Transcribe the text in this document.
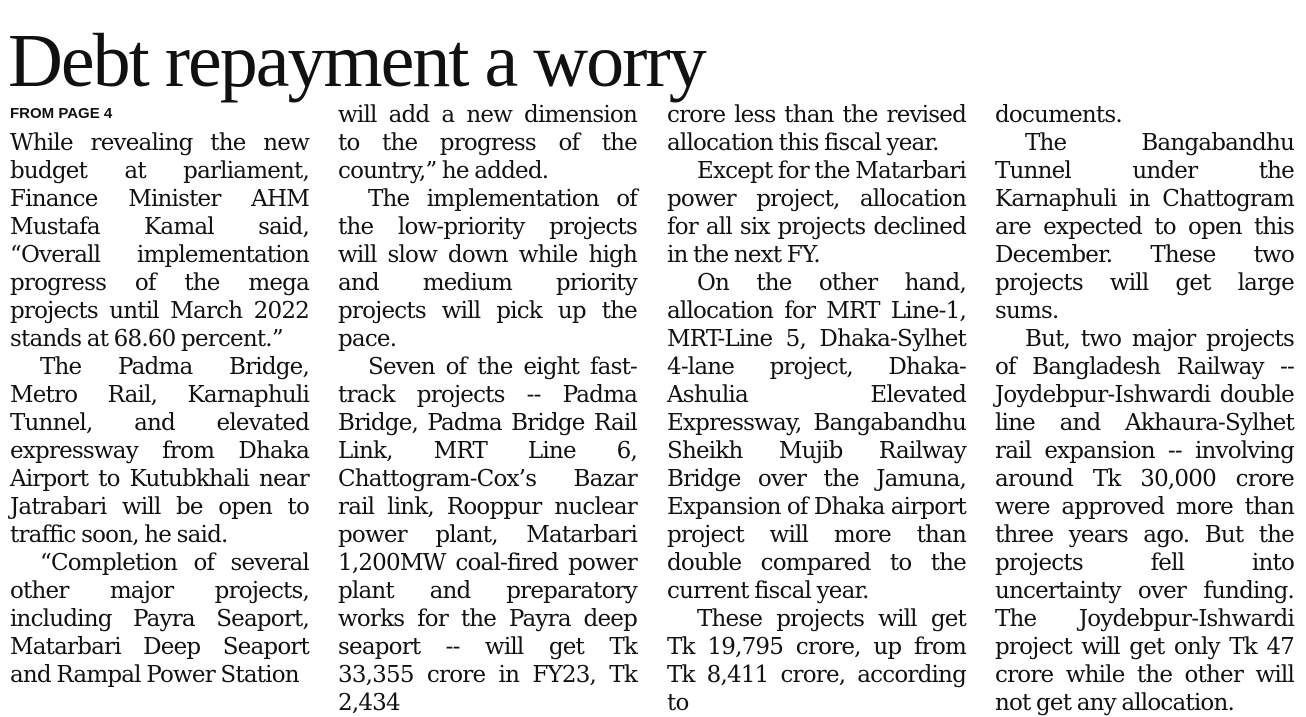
Debt repayment a worry
FROM PAGE 4

While revealing the new budget at parliament, Finance Minister AHM Mustafa Kamal said, “Overall implementation progress of the mega projects until March 2022 stands at 68.60 percent.”

The Padma Bridge, Metro Rail, Karnaphuli Tunnel, and elevated expressway from Dhaka Airport to Kutubkhali near Jatrabari will be open to traffic soon, he said.

“Completion of several other major projects, including Payra Seaport, Matarbari Deep Seaport and Rampal Power Station

will add a new dimension to the progress of the country,” he added.

The implementation of the low-priority projects will slow down while high and medium priority projects will pick up the pace.

Seven of the eight fast-track projects -- Padma Bridge, Padma Bridge Rail Link, MRT Line 6, Chattogram-Cox’s Bazar rail link, Rooppur nuclear power plant, Matarbari 1,200MW coal-fired power plant and preparatory works for the Payra deep seaport -- will get Tk 33,355 crore in FY23, Tk 2,434

crore less than the revised allocation this fiscal year.

Except for the Matarbari power project, allocation for all six projects declined in the next FY.

On the other hand, allocation for MRT Line-1, MRT-Line 5, Dhaka-Sylhet 4-lane project, Dhaka-Ashulia Elevated Expressway, Bangabandhu Sheikh Mujib Railway Bridge over the Jamuna, Expansion of Dhaka airport project will more than double compared to the current fiscal year.

These projects will get Tk 19,795 crore, up from Tk 8,411 crore, according to

documents.

The Bangabandhu Tunnel under the Karnaphuli in Chattogram are expected to open this December. These two projects will get large sums.

But, two major projects of Bangladesh Railway -- Joydebpur-Ishwardi double line and Akhaura-Sylhet rail expansion -- involving around Tk 30,000 crore were approved more than three years ago. But the projects fell into uncertainty over funding. The Joydebpur-Ishwardi project will get only Tk 47 crore while the other will not get any allocation.
